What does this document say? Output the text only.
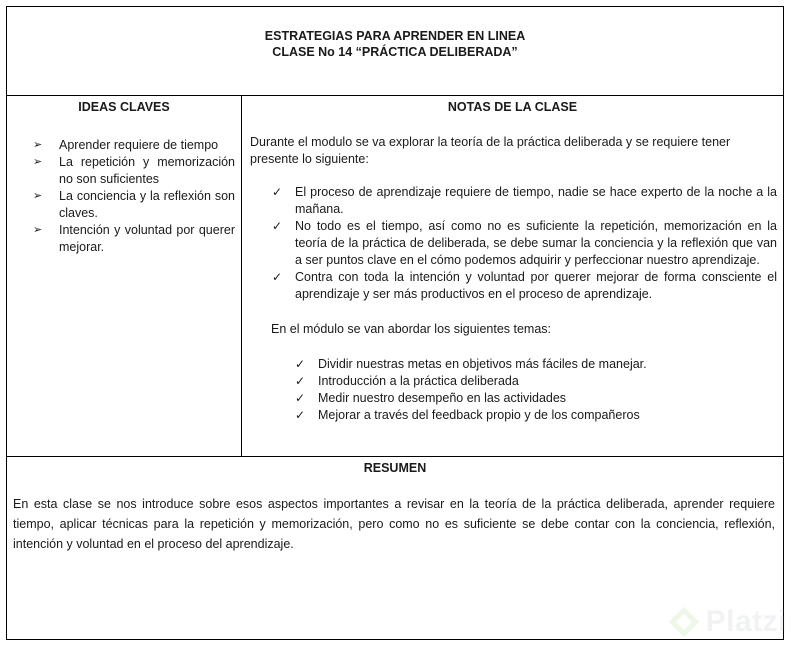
ESTRATEGIAS PARA APRENDER EN LINEA
CLASE No 14 “PRÁCTICA DELIBERADA”
IDEAS CLAVES
➢	Aprender requiere de tiempo
➢	La repetición y memorización no son suficientes
➢	La conciencia y la reflexión son claves.
➢	Intención y voluntad por querer mejorar.
NOTAS DE LA CLASE
Durante el modulo se va explorar la teoría de la práctica deliberada y se requiere tener presente lo siguiente:
✓ El proceso de aprendizaje requiere de tiempo, nadie se hace experto de la noche a la mañana.
✓ No todo es el tiempo, así como no es suficiente la repetición, memorización en la teoría de la práctica de deliberada, se debe sumar la conciencia y la reflexión que van a ser puntos clave en el cómo podemos adquirir y perfeccionar nuestro aprendizaje.
✓ Contra con toda la intención y voluntad por querer mejorar de forma consciente el aprendizaje y ser más productivos en el proceso de aprendizaje.
En el módulo se van abordar los siguientes temas:
✓ Dividir nuestras metas en objetivos más fáciles de manejar.
✓ Introducción a la práctica deliberada
✓ Medir nuestro desempeño en las actividades
✓ Mejorar a través del feedback propio y de los compañeros
RESUMEN
En esta clase se nos introduce sobre esos aspectos importantes a revisar en la teoría de la práctica deliberada, aprender requiere tiempo, aplicar técnicas para la repetición y memorización, pero como no es suficiente se debe contar con la conciencia, reflexión, intención y voluntad en el proceso del aprendizaje.
Platzi
